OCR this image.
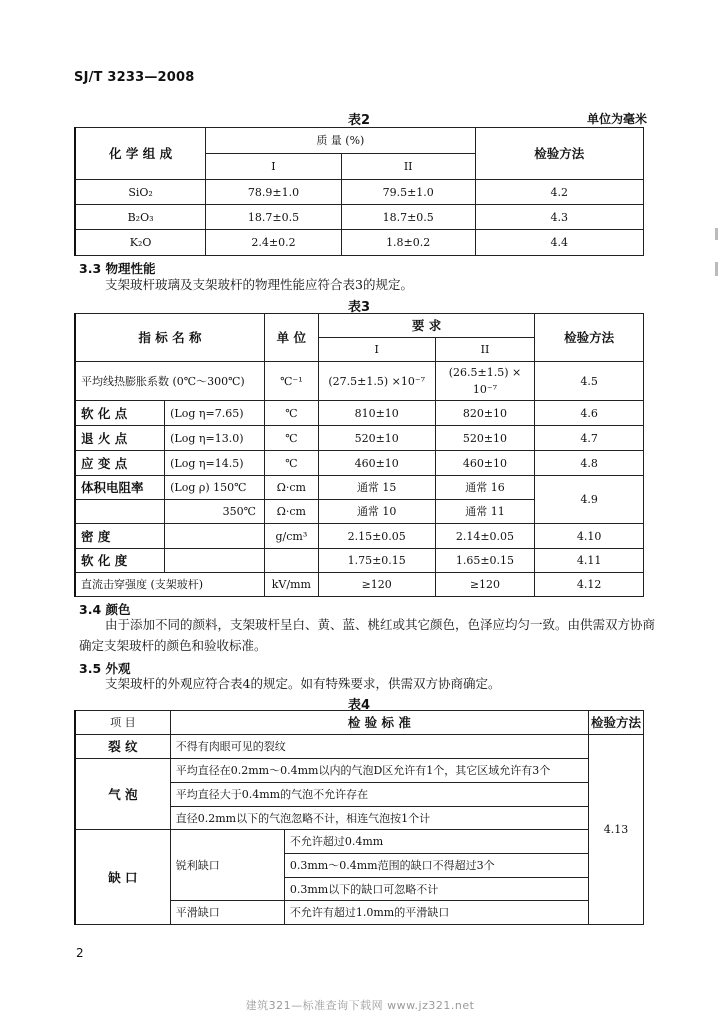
SJ/T 3233—2008
表2	单位为毫米
化 学 组 成	质 量 (%)		检验方法
	I	II	
SiO₂	78.9±1.0	79.5±1.0	4.2
B₂O₃	18.7±0.5	18.7±0.5	4.3
K₂O	2.4±0.2	1.8±0.2	4.4
3.3 物理性能
支架玻杆玻璃及支架玻杆的物理性能应符合表3的规定。
表3
指 标 名 称		单 位	要 求		检验方法
			I	II	
平均线热膨胀系数 (0℃～300℃)		℃⁻¹	(27.5±1.5) ×10⁻⁷	(26.5±1.5) ×
10⁻⁷	4.5
软 化 点	(Log η=7.65)	℃	810±10	820±10	4.6
退 火 点	(Log η=13.0)	℃	520±10	520±10	4.7
应 变 点	(Log η=14.5)	℃	460±10	460±10	4.8
体积电阻率	(Log ρ) 150℃	Ω·cm	通常 15	通常 16	4.9
	350℃	Ω·cm	通常 10	通常 11	
密 度		g/cm³	2.15±0.05	2.14±0.05	4.10
软 化 度			1.75±0.15	1.65±0.15	4.11
直流击穿强度 (支架玻杆)		kV/mm	≥120	≥120	4.12
3.4 颜色
由于添加不同的颜料，支架玻杆呈白、黄、蓝、桃红或其它颜色，色泽应均匀一致。由供需双方协商确定支架玻杆的颜色和验收标准。
3.5 外观
支架玻杆的外观应符合表4的规定。如有特殊要求，供需双方协商确定。
表4
项 目	检 验 标 准		检验方法
裂 纹	不得有肉眼可见的裂纹		4.13
气 泡	平均直径在0.2mm～0.4mm以内的气泡D区允许有1个，其它区域允许有3个		
	平均直径大于0.4mm的气泡不允许存在		
	直径0.2mm以下的气泡忽略不计，相连气泡按1个计		
缺 口	锐利缺口	不允许超过0.4mm	
		0.3mm～0.4mm范围的缺口不得超过3个	
		0.3mm以下的缺口可忽略不计	
	平滑缺口	不允许有超过1.0mm的平滑缺口	
2
建筑321—标准查询下载网 www.jz321.net
